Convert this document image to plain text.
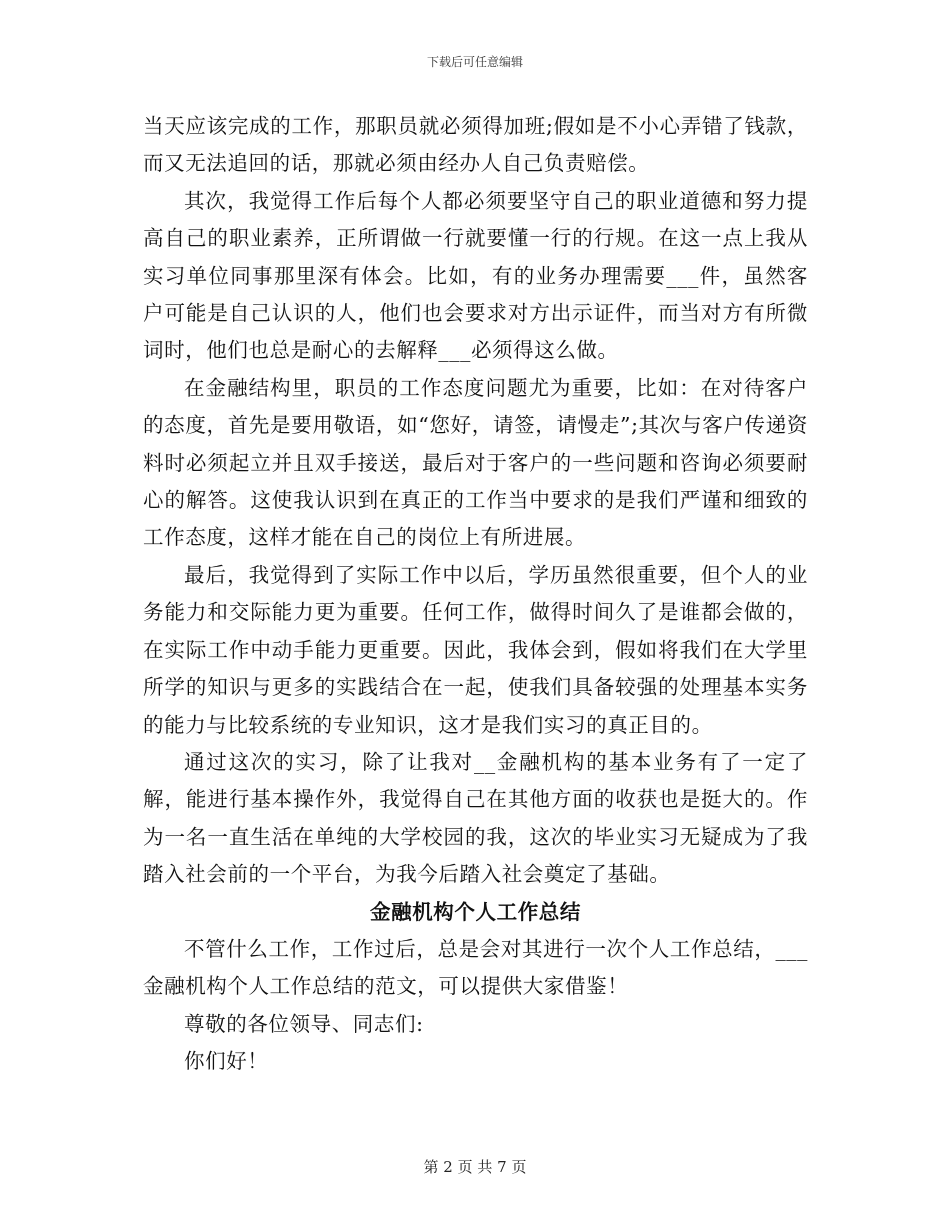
下载后可任意编辑

当天应该完成的工作，那职员就必须得加班;假如是不小心弄错了钱款，而又无法追回的话，那就必须由经办人自己负责赔偿。

其次，我觉得工作后每个人都必须要坚守自己的职业道德和努力提高自己的职业素养，正所谓做一行就要懂一行的行规。在这一点上我从实习单位同事那里深有体会。比如，有的业务办理需要___件，虽然客户可能是自己认识的人，他们也会要求对方出示证件，而当对方有所微词时，他们也总是耐心的去解释___必须得这么做。

在金融结构里，职员的工作态度问题尤为重要，比如：在对待客户的态度，首先是要用敬语，如“您好，请签，请慢走”;其次与客户传递资料时必须起立并且双手接送，最后对于客户的一些问题和咨询必须要耐心的解答。这使我认识到在真正的工作当中要求的是我们严谨和细致的工作态度，这样才能在自己的岗位上有所进展。

最后，我觉得到了实际工作中以后，学历虽然很重要，但个人的业务能力和交际能力更为重要。任何工作，做得时间久了是谁都会做的，在实际工作中动手能力更重要。因此，我体会到，假如将我们在大学里所学的知识与更多的实践结合在一起，使我们具备较强的处理基本实务的能力与比较系统的专业知识，这才是我们实习的真正目的。

通过这次的实习，除了让我对__金融机构的基本业务有了一定了解，能进行基本操作外，我觉得自己在其他方面的收获也是挺大的。作为一名一直生活在单纯的大学校园的我，这次的毕业实习无疑成为了我踏入社会前的一个平台，为我今后踏入社会奠定了基础。

金融机构个人工作总结

不管什么工作，工作过后，总是会对其进行一次个人工作总结，___金融机构个人工作总结的范文，可以提供大家借鉴！

尊敬的各位领导、同志们:

你们好！

第 2 页 共 7 页
